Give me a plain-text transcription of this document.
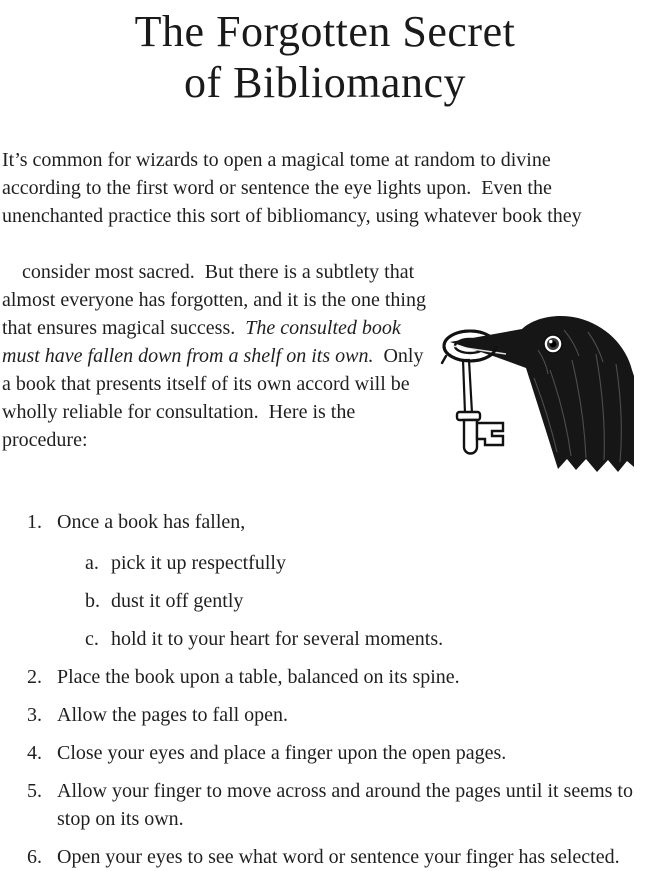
The Forgotten Secret
of Bibliomancy

It’s common for wizards to open a magical tome at random to divine according to the first word or sentence the eye lights upon.  Even the unenchanted practice this sort of bibliomancy, using whatever book they

consider most sacred.  But there is a subtlety that almost everyone has forgotten, and it is the one thing that ensures magical success.  The consulted book must have fallen down from a shelf on its own.  Only a book that presents itself of its own accord will be wholly reliable for consultation.  Here is the procedure:

1. Once a book has fallen,
a. pick it up respectfully
b. dust it off gently
c. hold it to your heart for several moments.
2. Place the book upon a table, balanced on its spine.
3. Allow the pages to fall open.
4. Close your eyes and place a finger upon the open pages.
5. Allow your finger to move across and around the pages until it seems to stop on its own.
6. Open your eyes to see what word or sentence your finger has selected.
